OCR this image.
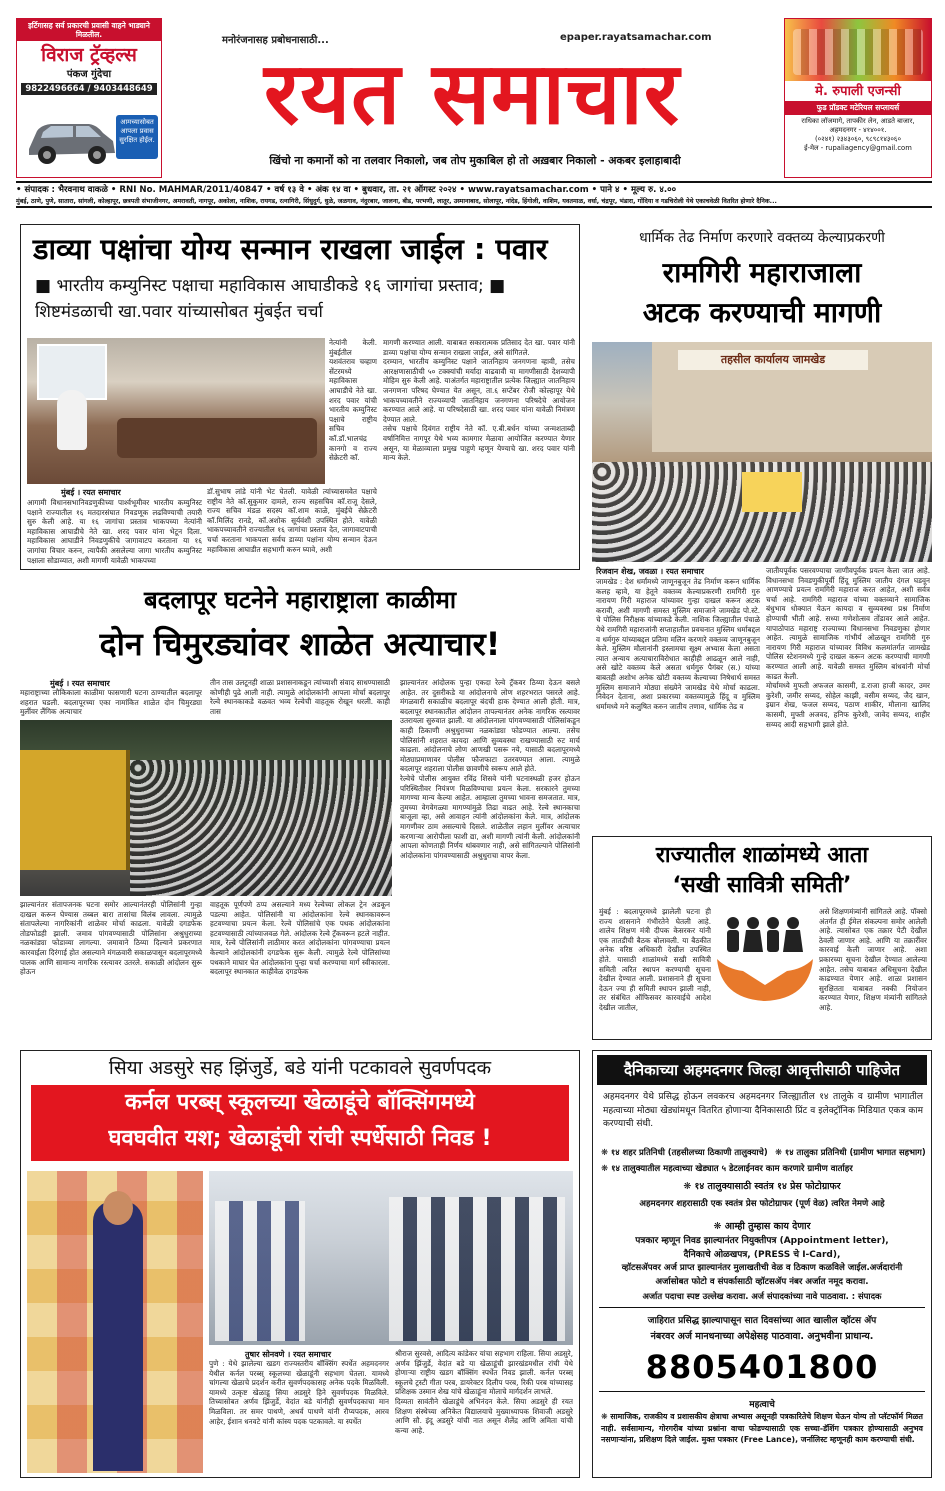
इर्टिगासह सर्व प्रकारची प्रवासी वाहने भाड्याने मिळतील.
विराज ट्रॅव्हल्स
पंकज गुंदेचा
9822496664 / 9403448649
आमच्यासोबत आपला प्रवास सुरक्षित होईल.
मनोरंजनासह प्रबोधनासाठी...	epaper.rayatsamachar.com
रयत समाचार
खिंचो ना कमानों को ना तलवार निकालो, जब तोप मुकाबिल हो तो अख़बार निकालो - अकबर इलाहाबादी
मे. रुपाली एजन्सी
फुड प्रॉडक्ट मटेरियल सप्लायर्स
राधिका लॉजमागे, तापकीर लेन, आडते बाजार, अहमदनगर - ४१४००१.
(०२४१) २३४३०६०, ९८९८१४३०६०
ई-मेल - rupaliagency@gmail.com
• संपादक : भैरवनाथ वाकळे • RNI No. MAHMAR/2011/40847 • वर्ष १३ वे • अंक १४ वा • बुधवार, ता. २१ ऑगस्ट २०२४ • www.rayatsamachar.com • पाने ४ • मूल्य रु. ४.००
मुंबई, ठाणे, पुणे, सातारा, सांगली, कोल्हापूर, छत्रपती संभाजीनगर, अमरावती, नागपूर, अकोला, नाशिक, रायगड, रत्नागिरी, सिंधुदुर्ग, धुळे, जळगाव, नंदुरबार, जालना, बीड, परभणी, लातूर, उस्मानाबाद, सोलापूर, नांदेड, हिंगोली, वाशिम, यवतमाळ, वर्धा, चंद्रपूर, भंडारा, गोंदिया व गडचिरोली येथे एकाचवेळी वितरित होणारे दैनिक...
डाव्या पक्षांचा योग्य सन्मान राखला जाईल : पवार
■ भारतीय कम्युनिस्ट पक्षाचा महाविकास आघाडीकडे १६ जागांचा प्रस्ताव; ■ शिष्टमंडळाची खा.पवार यांच्यासोबत मुंबईत चर्चा
नेत्यांनी केली. मुंबईतील यशवंतराव चव्हाण सेंटरमध्ये महाविकास आघाडीचे नेते खा. शरद पवार यांची भारतीय कम्युनिस्ट पक्षाचे राष्ट्रीय सचिव कॉ.डॉ.भालचंद्र कानगो व राज्य सेक्रेटरी कॉ.
मुंबई । रयत समाचार
आगामी विधानसभानिवडणुकीच्या पार्श्वभूमीवर भारतीय कम्युनिस्ट पक्षाने राज्यातील १६ मतदारसंघात निवडणूक लढविण्याची तयारी सुरु केली आहे. या १६ जागांचा प्रस्ताव भाकपच्या नेत्यांनी महाविकास आघाडीचे नेते खा. शरद पवार यांना भेटून दिला. महाविकास आघाडीने निवडणुकीचे जागावाटप करताना या १६ जागांचा विचार करुन, त्यापैकी असलेल्या जागा भारतीय कम्युनिस्ट पक्षाला सोडाव्यात, अशी मागणी यावेळी भाकपच्या
डॉ.सुभाष लांडे यांनी भेट घेतली. यावेळी त्यांच्यासमवेत पक्षाचे राष्ट्रीय नेते कॉ.सुकुमार दामले, राज्य सहसचिव कॉ.राजू देसले, राज्य सचिव मंडळ सदस्य कॉ.शाम काळे, मुंबईचे सेक्रेटरी कॉ.मिलिंद रानडे, कॉ.अशोक सूर्यवंशी उपस्थित होते. यावेळी भाकपच्यावतीने राज्यातील १६ जागांचा प्रस्ताव देत, जागावाटपाची चर्चा करताना भाकपला सर्वच डाव्या पक्षांना योग्य सन्मान देऊन महाविकास आघाडीत सहभागी करुन घ्यावे, अशी
मागणी करण्यात आली. याबाबत सकारात्मक प्रतिसाद देत खा. पवार यांनी डाव्या पक्षांचा योग्य सन्मान राखला जाईल, असे सांगितले.
दरम्यान, भारतीय कम्युनिस्ट पक्षाने जातनिहाय जनगणना व्हावी, तसेच आरक्षणासाठीची ५० टक्क्यांची मर्यादा वाढवावी या मागणीसाठी देशव्यापी मोहिम सुरु केली आहे. याअंतर्गत महाराष्ट्रातील प्रत्येक जिल्ह्यात जातनिहाय जनगणना परिषद घेण्यात येत असून, ता.६ सप्टेंबर रोजी कोल्हापूर येथे भाकपच्यावतीने राज्यव्यापी जातनिहाय जनगणना परिषदेचे आयोजन करण्यात आले आहे. या परिषदेसाठी खा. शरद पवार यांना यावेळी निमंत्रण देण्यात आले.
तसेच पक्षाचे दिवंगत राष्ट्रीय नेते कॉ. ए.बी.बर्धन यांच्या जन्मशताब्दी वर्षानिमित्त नागपूर येथे भव्य कामगार मेळावा आयोजित करण्यात येणार असून, या मेळाव्याला प्रमुख पाहुणे म्हणून येण्याचे खा. शरद पवार यांनी मान्य केले.
धार्मिक तेढ निर्माण करणारे वक्तव्य केल्याप्रकरणी
रामगिरी महाराजाला
अटक करण्याची मागणी
तहसील कार्यालय जामखेड
रिजवान शेख, जवळा । रयत समाचार
जामखेड : देश धर्मांमध्ये जाणूनबुजून तेढ निर्माण करून धार्मिक कलह व्हावे, या हेतूने वक्तव्य केल्याप्रकरणी रामगिरी गुरु नारायण गिरी महाराज यांच्यावर गुन्हा दाखल करून अटक करावी, अशी मागणी समस्त मुस्लिम समाजाने जामखेड पो.स्टे. चे पोलिस निरीक्षक यांच्याकडे केली. नाशिक जिल्ह्यातील पंचाळे येथे रामगिरी महाराजांनी सप्ताहातील प्रवचनात मुस्लिम धर्माबद्दल व धर्मगुरु यांच्याबद्दल प्रतिमा मलिन करणारे वक्तव्य जाणूनबुजून केले. मुस्लिम मौलानांनी इस्लामचा सूक्ष्म अभ्यास केला असता त्यात अन्याय अत्याचाराविरोधात काहीही आढळून आले नाही, असे खोटे वक्तव्य केले असता धर्मगुरु पैगंबर (स.) यांच्या बाबतही अशोभ अनेक खोटी वक्तव्य केल्याच्या निषेधार्थ समस्त मुस्लिम समाजाने मोठ्या संख्येने जामखेड येथे मोर्चा काढला. निवेदन देताना, अशा प्रकारच्या वक्तव्यामुळे हिंदू व मुस्लिम धर्मामध्ये मने कलुषित करुन जातीय तणाव, धार्मिक तेढ व
जातीयपूर्वक पसरवण्याचा जाणीवपूर्वक प्रयत्न केला जात आहे. विधानसभा निवडणुकीपूर्वी हिंदू मुस्लिम जातीय दंगल घडवून आणण्याचे प्रयत्न रामगिरी महाराज करत आहेत, अशी सर्वत्र चर्चा आहे. रामगिरी महाराज यांच्या वक्तव्याने सामाजिक बंधुभाव धोक्यात येऊन कायदा व सुव्यवस्था प्रश्न निर्माण होण्याची भीती आहे. सध्या गणेशोत्सव तोंडावर आले आहेत. यापाठोपाठ महाराष्ट्र राज्याच्या विधानसभा निवडणुका होणार आहेत. त्यामुळे सामाजिक गांभीर्य ओळखून रामगिरी गुरु नारायण गिरी महाराज यांच्यावर विविध कलमांतर्गत जामखेड पोलिस स्टेशनमध्ये गुन्हे दाखल करून अटक करण्याची मागणी करण्यात आली आहे. यावेळी समस्त मुस्लिम बांधवांनी मोर्चा काढत केली.
मोर्चामध्ये मुफती अफजल कासमी, ड.राजा हाजी कादर, उमर कुरेशी, जमीर सय्यद, सोहेल काझी, वसीम सय्यद, जैद खान, इम्रान शेख, फजल सय्यद, पठाण शाकीर, मौलाना खालिद कासमी, मुफ्ती अजवद, हनिफ कुरेशी, जावेद सय्यद, शाहीर सय्यद आदी सहभागी झाले होते.
बदलापूर घटनेने महाराष्ट्राला काळीमा
दोन चिमुरड्यांवर शाळेत अत्याचार!
मुंबई । रयत समाचार
महाराष्ट्राच्या लौकिकाला काळीमा फासणारी घटना ठाण्यातील बदलापूर शहरात घडली. बदलापूरच्या एका नामांकित शाळेत दोन चिमुरड्या मुलींवर लैंगिक अत्याचार
तीन तास उलटूनही शाळा प्रशासनाकडून त्यांच्याशी संवाद साधण्यासाठी कोणीही पुढे आली नाही. त्यामुळे आंदोलकांनी आपला मोर्चा बदलापूर रेल्वे स्थानकाकडे वळवत भव्य रेल्वेची वाहतूक रोखून धरली. काही तास
झाल्यानंतर आंदोलक पुन्हा एकदा रेल्वे ट्रॅकवर ठिय्या देऊन बसले आहेत. तर दुसरीकडे या आंदोलनाचे लोण शहरभरात पसरले आहे. मंगळवारी सकाळीच बदलापूर बंदची हाक देण्यात आली होती. मात्र, बदलापूर स्थानकातील आंदोलन तापल्यानंतर अनेक नागरिक रस्त्यावर उतरायला सुरुवात झाली. या आंदोलनाला पांगवण्यासाठी पोलिसांकडून काही ठिकाणी अश्रुधुराच्या नळकांड्या फोडण्यात आल्या. तसेच पोलिसांनी शहरात कायदा आणि सुव्यवस्था राखण्यासाठी रुट मार्च काढला. आंदोलनाचे लोण आणखी पसरू नये, यासाठी बदलापूरमध्ये मोठ्याप्रमाणावर पोलीस फौजफाटा उतरवण्यात आला. त्यामुळे बदलापूर शहराला पोलीस छावणीचे स्वरूप आले होते.
रेल्वेचे पोलीस आयुक्त रविंद्र शिसवे यांनी घटनास्थळी हजर होऊन परिस्थितीवर नियंत्रण मिळविण्याचा प्रयत्न केला. सरकारने तुमच्या मागण्या मान्य केल्या आहेत. आम्हाला तुमच्या भावना समजतात. मात्र, तुमच्या वेगवेगळ्या मागण्यांमुळे तिढा वाढत आहे. रेल्वे स्थानकाचा बाजूला व्हा, असे आवाहन त्यांनी आंदोलकांना केले. मात्र, आंदोलक मागणीवर ठाम असल्याचे दिसले. शाळेतील लहान मुलींवर अत्याचार करणाऱ्या आरोपीला फाशी द्या, अशी मागणी त्यांनी केली. आंदोलकांनी आपला कोणताही निर्णय थांबवणार नाही, असे सांगितल्याने पोलिसांनी आंदोलकांना पांगवण्यासाठी अश्रुधुराचा वापर केला.
झाल्यानंतर संतापजनक घटना समोर आल्यानंतरही पोलिसांनी गुन्हा दाखल करून घेण्यास तब्बल बारा तासांचा विलंब लावला. त्यामुळे संतापलेल्या नागरिकांनी शाळेवर मोर्चा काढला. यावेळी दगडफेक तोडफोडही झाली. जमाव पांगवण्यासाठी पोलिसांना अश्रुधुराच्या नळकांड्या फोडाव्या लागल्या. जमावाने ठिय्या दिल्याने प्रकरणात कारवाईला दिरंगाई होत असल्याने मंगळवारी सकाळपासून बदलापूरमध्ये पालक आणि सामान्य नागरिक रस्त्यावर उतरले. सकाळी आंदोलन सुरू होऊन
वाहतूक पूर्णपणे ठप्प असल्याने मध्य रेल्वेच्या लोकल ट्रेन अडकून पडल्या आहेत. पोलिसांनी या आंदोलकांना रेल्वे स्थानकावरून हटवण्याचा प्रयत्न केला. रेल्वे पोलिसांचे एक पथक आंदोलकांना हटवण्यासाठी त्यांच्याजवळ गेले. आंदोलक रेल्वे ट्रॅकवरून हटले नाहीत. मात्र, रेल्वे पोलिसांनी लाठीमार करत आंदोलकांना पांगवण्याचा प्रयत्न केल्याने आंदोलकांनी दगडफेक सुरू केली. त्यामुळे रेल्वे पोलिसांच्या पथकाने माघार घेत आंदोलकांना पुन्हा चर्चा करण्याचा मार्ग स्वीकारला. बदलापूर स्थानकात काहीवेळ दगडफेक
राज्यातील शाळांमध्ये आता
‘सखी सावित्री समिती’
मुंबई : बदलापूरमध्ये झालेली घटना ही राज्य शासनाने गंभीरतेने घेतली आहे. शालेय शिक्षण मंत्री दीपक केसरकर यांनी एक तातडीची बैठक बोलावली. या बैठकीत अनेक वरिष्ठ अधिकारी देखील उपस्थित होते. यासाठी शाळांमध्ये सखी सावित्री समिती त्वरित स्थापन करण्याची सूचना देखील देण्यात आली. प्रशासनाने ही सूचना देऊन ज्या ही समिती स्थापन झाली नाही, तर संबंधित ऑफिसवर कारवाईचे आदेश देखील जातील,
असे शिक्षणमंत्र्यांनी सांगितले आहे. पॉक्सो अंतर्गत ही ईमेल संकल्पना समोर आलेली आहे. त्यासोबत एक तक्रार पेटी देखील ठेवली जाणार आहे. आणि या तक्रारींवर कारवाई केली जाणार आहे. अशा प्रकारच्या सूचना देखील देण्यात आलेल्या आहेत. तसेच याबाबत अधिसूचना देखील काढण्यात येणार आहे. शाळा प्रशासन सुरक्षितता याबाबत नक्की नियोजन करण्यात येणार, शिक्षण मंत्र्यांनी सांगितले आहे.
सिया अडसुरे सह झिंजुर्डे, बडे यांनी पटकावले सुवर्णपदक
कर्नल परब्स् स्कूलच्या खेळाडूंचे बॉक्सिंगमध्ये
घवघवीत यश; खेळाडूंची रांची स्पर्धेसाठी निवड !
तुषार सोनवणे । रयत समाचार
पुणे : येथे झालेल्या खडग राज्यस्तरीय बॉक्सिंग स्पर्धेत अहमदनगर येथील कर्नल परब्स् स्कूलच्या खेळाडूंनी सहभाग घेतला. यामध्ये चांगल्या खेळाचे प्रदर्शन करीत सुवर्णपदकासह अनेक पदके मिळविली. यामध्ये उत्कृष्ट खेळाडू सिया अडसुरे हिने सुवर्णपदक मिळविले. तिच्यासोबत अर्णव झिंजुर्डे, वेदांत बडे यांनीही सुवर्णपदकाचा मान मिळविला. तर समर पाथणे, अथर्व पाथणे यांनी रौप्यपदक, आरव आहेर, ईशान धनवटे यांनी कांस्य पदक पटकावले. या स्पर्धेत
श्रीराज सुरवसे, आदित्य कांडेकर यांचा सहभाग राहिला. सिया अडसुरे, अर्णव झिंजुर्डे, वेदांत बडे या खेळाडूंची झारखंडमधील रांची येथे होणाऱ्या राष्ट्रीय खडग बॉक्सिंग स्पर्धेत निवड झाली. कर्नल परब्स् स्कूलचे ट्रस्टी गीता परब, डायरेक्टर दिलीप परब, रिकी परब यांच्यासह प्रशिक्षक उस्मान शेख यांचे खेळाडूंना मोलाचे मार्गदर्शन लाभले.
दिव्यता सावंतीने खेळाडूंचे अभिनंदन केले. सिया अडसुरे ही रयत शिक्षण संस्थेच्या अनिकेत विद्यालयाचे मुख्याध्यापक शिवाजी अडसुरे आणि सौ. इंदू अडसुरे यांची नात असून शैलेंद्र आणि अमिता यांची कन्या आहे.
दैनिकाच्या अहमदनगर जिल्हा आवृत्तीसाठी पाहिजेत
अहमदनगर येथे प्रसिद्ध होऊन लवकरच अहमदनगर जिल्ह्यातील १४ तालुके व ग्रामीण भागातील महत्वाच्या मोठ्या खेड्यांमधून वितरित होणाऱ्या दैनिकासाठी प्रिंट व इलेक्ट्रॉनिक मिडियात एकत्र काम करण्याची संधी.
❋ १४ शहर प्रतिनिधी (तहसीलच्या ठिकाणी तालुक्याचे) ❋ १४ तालुका प्रतिनिधी (ग्रामीण भागात सहभाग)
❋ १४ तालुक्यातील महत्वाच्या खेड्यात ५ डेटलाईनवर काम करणारे ग्रामीण वार्ताहर
❋ १४ तालुक्यासाठी स्वतंत्र १४ प्रेस फोटोग्राफर
अहमदनगर शहरासाठी एक स्वतंत्र प्रेस फोटोग्राफर (पूर्ण वेळ) त्वरित नेमणे आहे
❋ आम्ही तुम्हास काय देणार
पत्रकार म्हणून निवड झाल्यानंतर नियुक्तीपत्र (Appointment letter),
दैनिकाचे ओळखपत्र, (PRESS चे I-Card),
व्हॉटसॲपवर अर्ज प्राप्त झाल्यानंतर मुलाखतीची वेळ व ठिकाण कळविले जाईल.अर्जदारांनी
अर्जासोबत फोटो व संपर्कासाठी व्हॉटसॲप नंबर अर्जात नमूद करावा.
अर्जात पदाचा स्पष्ट उल्लेख करावा. अर्ज संपादकांच्या नावे पाठवावा. : संपादक
जाहिरात प्रसिद्ध झाल्यापासून सात दिवसांच्या आत खालील व्हॉटस अ‍ॅप
नंबरवर अर्ज मानधनाच्या अपेक्षेसह पाठवावा. अनुभवीना प्राधान्य.
8805401800
महत्वाचे
❋ सामाजिक, राजकीय व प्रशासकीय क्षेत्राचा अभ्यास असूनही पत्रकारितेचे शिक्षण घेऊन योग्य तो प्लॅटफॉर्म मिळत नाही. सर्वसामान्य, गोरगरीब यांच्या प्रश्नांना वाचा फोडण्यासाठी एक सच्चा-डॅशिंग पत्रकार होण्यासाठी अनुभव नसणाऱ्यांना, प्रशिक्षण दिले जाईल. मुक्त पत्रकार (Free Lance), जर्नालिस्ट म्हणूनही काम करण्याची संधी.
